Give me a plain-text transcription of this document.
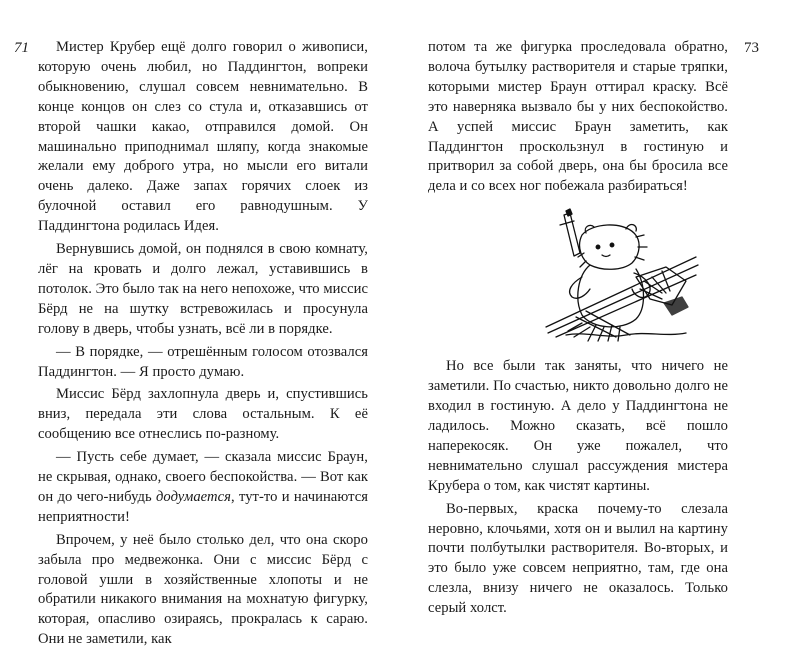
71	73

Мистер Крубер ещё долго говорил о живописи, которую очень любил, но Паддингтон, вопреки обыкновению, слушал совсем невнимательно. В конце концов он слез со стула и, отказавшись от второй чашки какао, отправился домой. Он машинально приподнимал шляпу, когда знакомые желали ему доброго утра, но мысли его витали очень далеко. Даже запах горячих слоек из булочной оставил его равнодушным. У Паддингтона родилась Идея.

Вернувшись домой, он поднялся в свою комнату, лёг на кровать и долго лежал, уставившись в потолок. Это было так на него непохоже, что миссис Бёрд не на шутку встревожилась и просунула голову в дверь, чтобы узнать, всё ли в порядке.

— В порядке, — отрешённым голосом отозвался Паддингтон. — Я просто думаю.

Миссис Бёрд захлопнула дверь и, спустившись вниз, передала эти слова остальным. К её сообщению все отнеслись по-разному.

— Пусть себе думает, — сказала миссис Браун, не скрывая, однако, своего беспокойства. — Вот как он до чего-нибудь додумается, тут-то и начинаются неприятности!

Впрочем, у неё было столько дел, что она скоро забыла про медвежонка. Они с миссис Бёрд с головой ушли в хозяйственные хлопоты и не обратили никакого внимания на мохнатую фигурку, которая, опасливо озираясь, прокралась к сараю. Они не заметили, как

потом та же фигурка проследовала обратно, волоча бутылку растворителя и старые тряпки, которыми мистер Браун оттирал краску. Всё это наверняка вызвало бы у них беспокойство. А успей миссис Браун заметить, как Паддингтон проскользнул в гостиную и притворил за собой дверь, она бы бросила все дела и со всех ног побежала разбираться!

Но все были так заняты, что ничего не заметили. По счастью, никто довольно долго не входил в гостиную. А дело у Паддингтона не ладилось. Можно сказать, всё пошло наперекосяк. Он уже пожалел, что невнимательно слушал рассуждения мистера Крубера о том, как чистят картины.

Во-первых, краска почему-то слезала неровно, клочьями, хотя он и вылил на картину почти полбутылки растворителя. Во-вторых, и это было уже совсем неприятно, там, где она слезла, внизу ничего не оказалось. Только серый холст.
